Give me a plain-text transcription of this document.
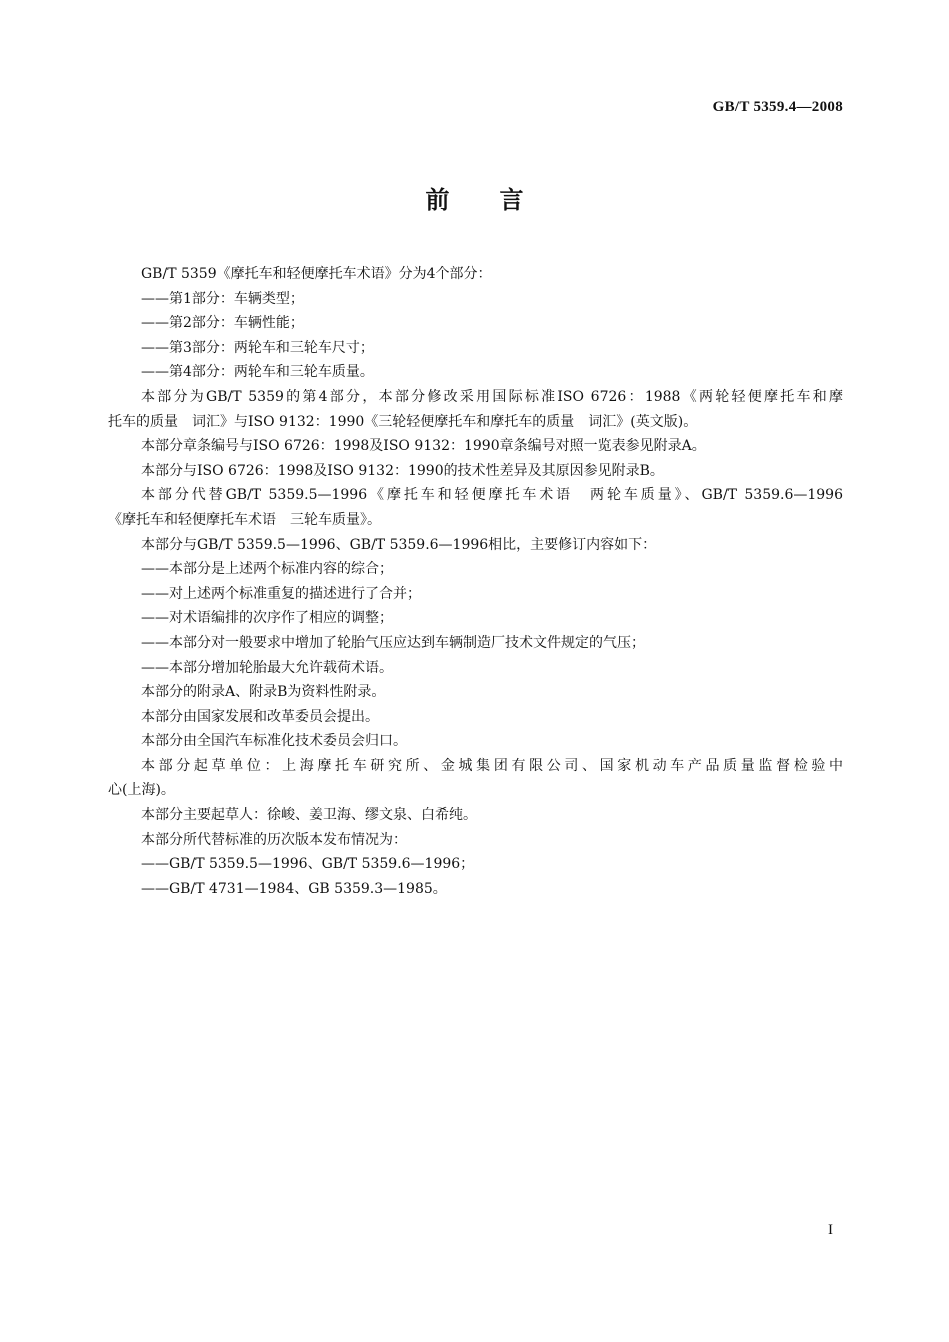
GB/T 5359.4—2008
前言
GB/T 5359《摩托车和轻便摩托车术语》分为4个部分：
——第1部分：车辆类型；
——第2部分：车辆性能；
——第3部分：两轮车和三轮车尺寸；
——第4部分：两轮车和三轮车质量。
本部分为GB/T 5359的第4部分，本部分修改采用国际标准ISO 6726：1988《两轮轻便摩托车和摩
托车的质量　词汇》与ISO 9132：1990《三轮轻便摩托车和摩托车的质量　词汇》(英文版)。
本部分章条编号与ISO 6726：1998及ISO 9132：1990章条编号对照一览表参见附录A。
本部分与ISO 6726：1998及ISO 9132：1990的技术性差异及其原因参见附录B。
本部分代替GB/T 5359.5—1996《摩托车和轻便摩托车术语　两轮车质量》、GB/T 5359.6—1996
《摩托车和轻便摩托车术语　三轮车质量》。
本部分与GB/T 5359.5—1996、GB/T 5359.6—1996相比，主要修订内容如下：
——本部分是上述两个标准内容的综合；
——对上述两个标准重复的描述进行了合并；
——对术语编排的次序作了相应的调整；
——本部分对一般要求中增加了轮胎气压应达到车辆制造厂技术文件规定的气压；
——本部分增加轮胎最大允许载荷术语。
本部分的附录A、附录B为资料性附录。
本部分由国家发展和改革委员会提出。
本部分由全国汽车标准化技术委员会归口。
本部分起草单位：上海摩托车研究所、金城集团有限公司、国家机动车产品质量监督检验中
心(上海)。
本部分主要起草人：徐峻、姜卫海、缪文泉、白希纯。
本部分所代替标准的历次版本发布情况为：
——GB/T 5359.5—1996、GB/T 5359.6—1996；
——GB/T 4731—1984、GB 5359.3—1985。
I
